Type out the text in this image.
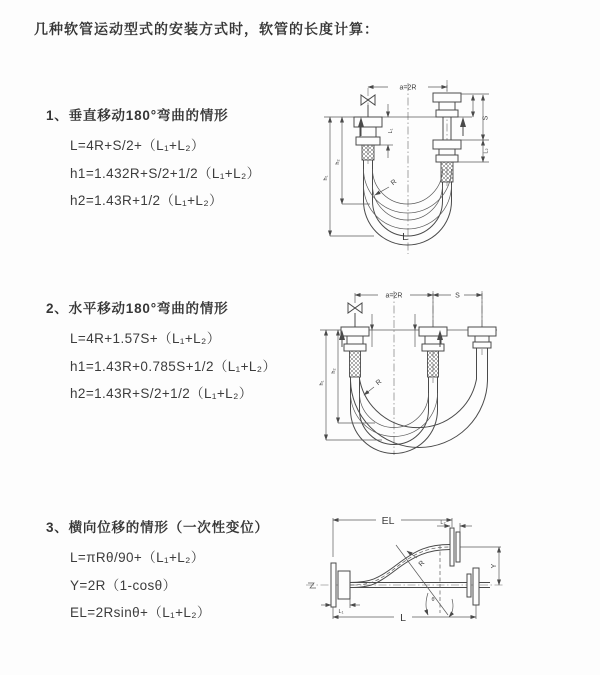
几种软管运动型式的安装方式时，软管的长度计算：
1、垂直移动180°弯曲的情形
L=4R+S/2+（L₁+L₂）
h1=1.432R+S/2+1/2（L₁+L₂）
h2=1.43R+1/2（L₁+L₂）
2、水平移动180°弯曲的情形
L=4R+1.57S+（L₁+L₂）
h1=1.43R+0.785S+1/2（L₁+L₂）
h2=1.43R+S/2+1/2（L₁+L₂）
3、横向位移的情形（一次性变位）
L=πRθ/90+（L₁+L₂）
Y=2R（1-cosθ）
EL=2Rsinθ+（L₁+L₂）
a=2R
L₁
S
L₂
h₁
h₂
R
L
a=2R	S
h₁
h₂
R
EL	L₂
Y
R
θ
L₁	L
